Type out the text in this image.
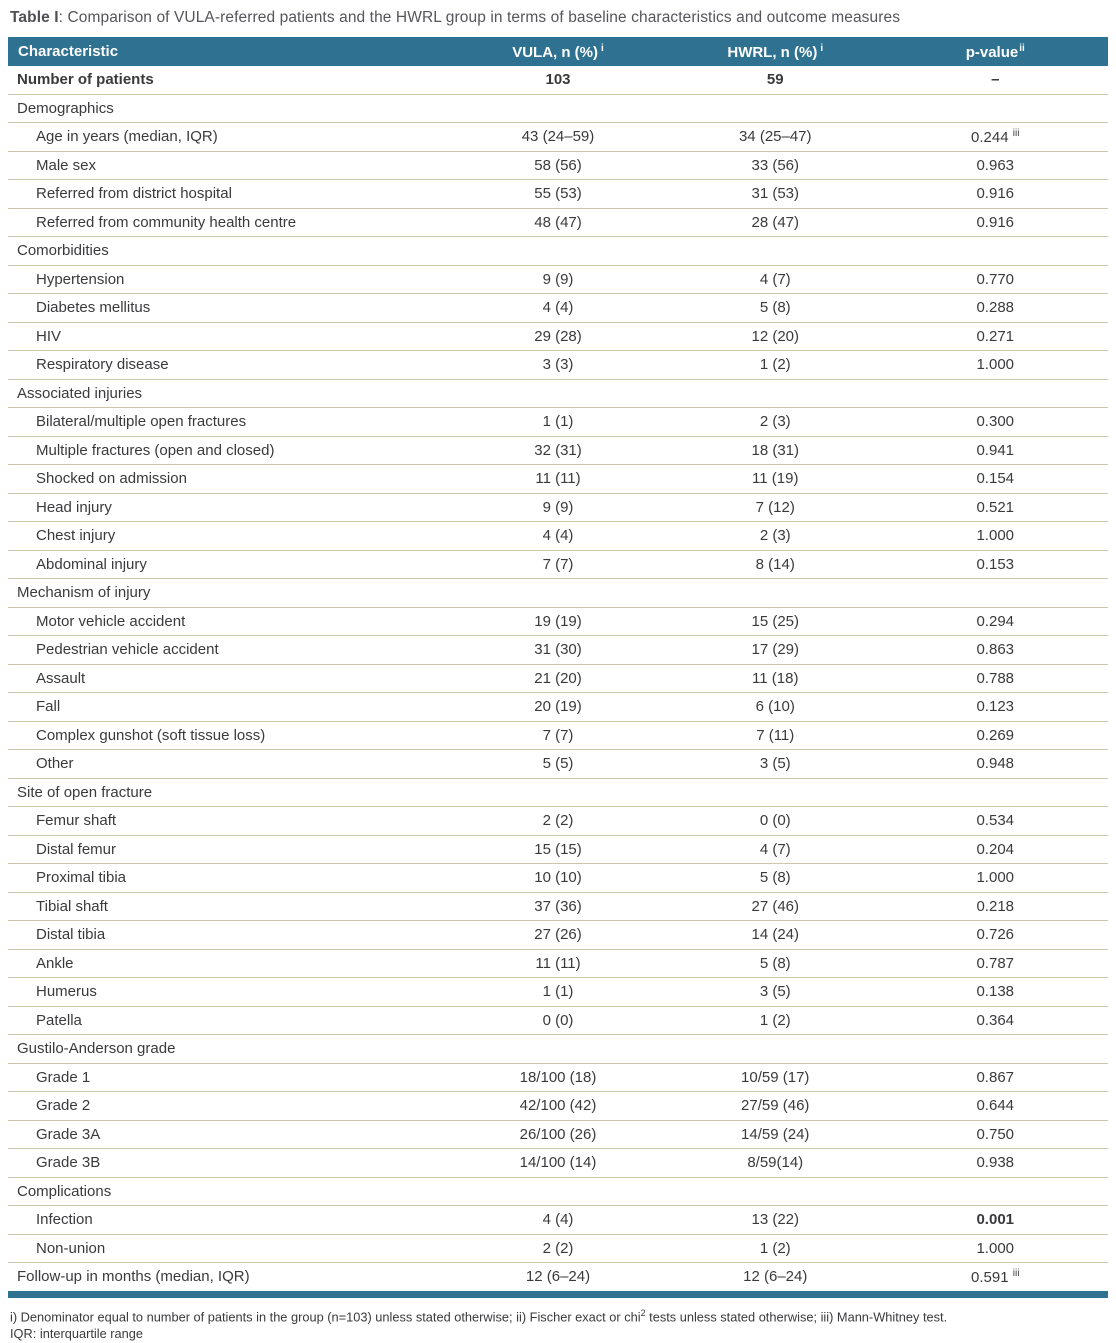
Table I: Comparison of VULA-referred patients and the HWRL group in terms of baseline characteristics and outcome measures
Characteristic	VULA, n (%) $^i$	HWRL, n (%) $^i$	p-value$^{ii}$
Number of patients	103	59	–
Demographics			
Age in years (median, IQR)	43 (24–59)	34 (25–47)	0.244 $^{iii}$
Male sex	58 (56)	33 (56)	0.963
Referred from district hospital	55 (53)	31 (53)	0.916
Referred from community health centre	48 (47)	28 (47)	0.916
Comorbidities			
Hypertension	9 (9)	4 (7)	0.770
Diabetes mellitus	4 (4)	5 (8)	0.288
HIV	29 (28)	12 (20)	0.271
Respiratory disease	3 (3)	1 (2)	1.000
Associated injuries			
Bilateral/multiple open fractures	1 (1)	2 (3)	0.300
Multiple fractures (open and closed)	32 (31)	18 (31)	0.941
Shocked on admission	11 (11)	11 (19)	0.154
Head injury	9 (9)	7 (12)	0.521
Chest injury	4 (4)	2 (3)	1.000
Abdominal injury	7 (7)	8 (14)	0.153
Mechanism of injury			
Motor vehicle accident	19 (19)	15 (25)	0.294
Pedestrian vehicle accident	31 (30)	17 (29)	0.863
Assault	21 (20)	11 (18)	0.788
Fall	20 (19)	6 (10)	0.123
Complex gunshot (soft tissue loss)	7 (7)	7 (11)	0.269
Other	5 (5)	3 (5)	0.948
Site of open fracture			
Femur shaft	2 (2)	0 (0)	0.534
Distal femur	15 (15)	4 (7)	0.204
Proximal tibia	10 (10)	5 (8)	1.000
Tibial shaft	37 (36)	27 (46)	0.218
Distal tibia	27 (26)	14 (24)	0.726
Ankle	11 (11)	5 (8)	0.787
Humerus	1 (1)	3 (5)	0.138
Patella	0 (0)	1 (2)	0.364
Gustilo-Anderson grade			
Grade 1	18/100 (18)	10/59 (17)	0.867
Grade 2	42/100 (42)	27/59 (46)	0.644
Grade 3A	26/100 (26)	14/59 (24)	0.750
Grade 3B	14/100 (14)	8/59(14)	0.938
Complications			
Infection	4 (4)	13 (22)	0.001
Non-union	2 (2)	1 (2)	1.000
Follow-up in months (median, IQR)	12 (6–24)	12 (6–24)	0.591 $^{iii}$
i) Denominator equal to number of patients in the group (n=103) unless stated otherwise; ii) Fischer exact or chi$^2$ tests unless stated otherwise; iii) Mann-Whitney test.
IQR: interquartile range
